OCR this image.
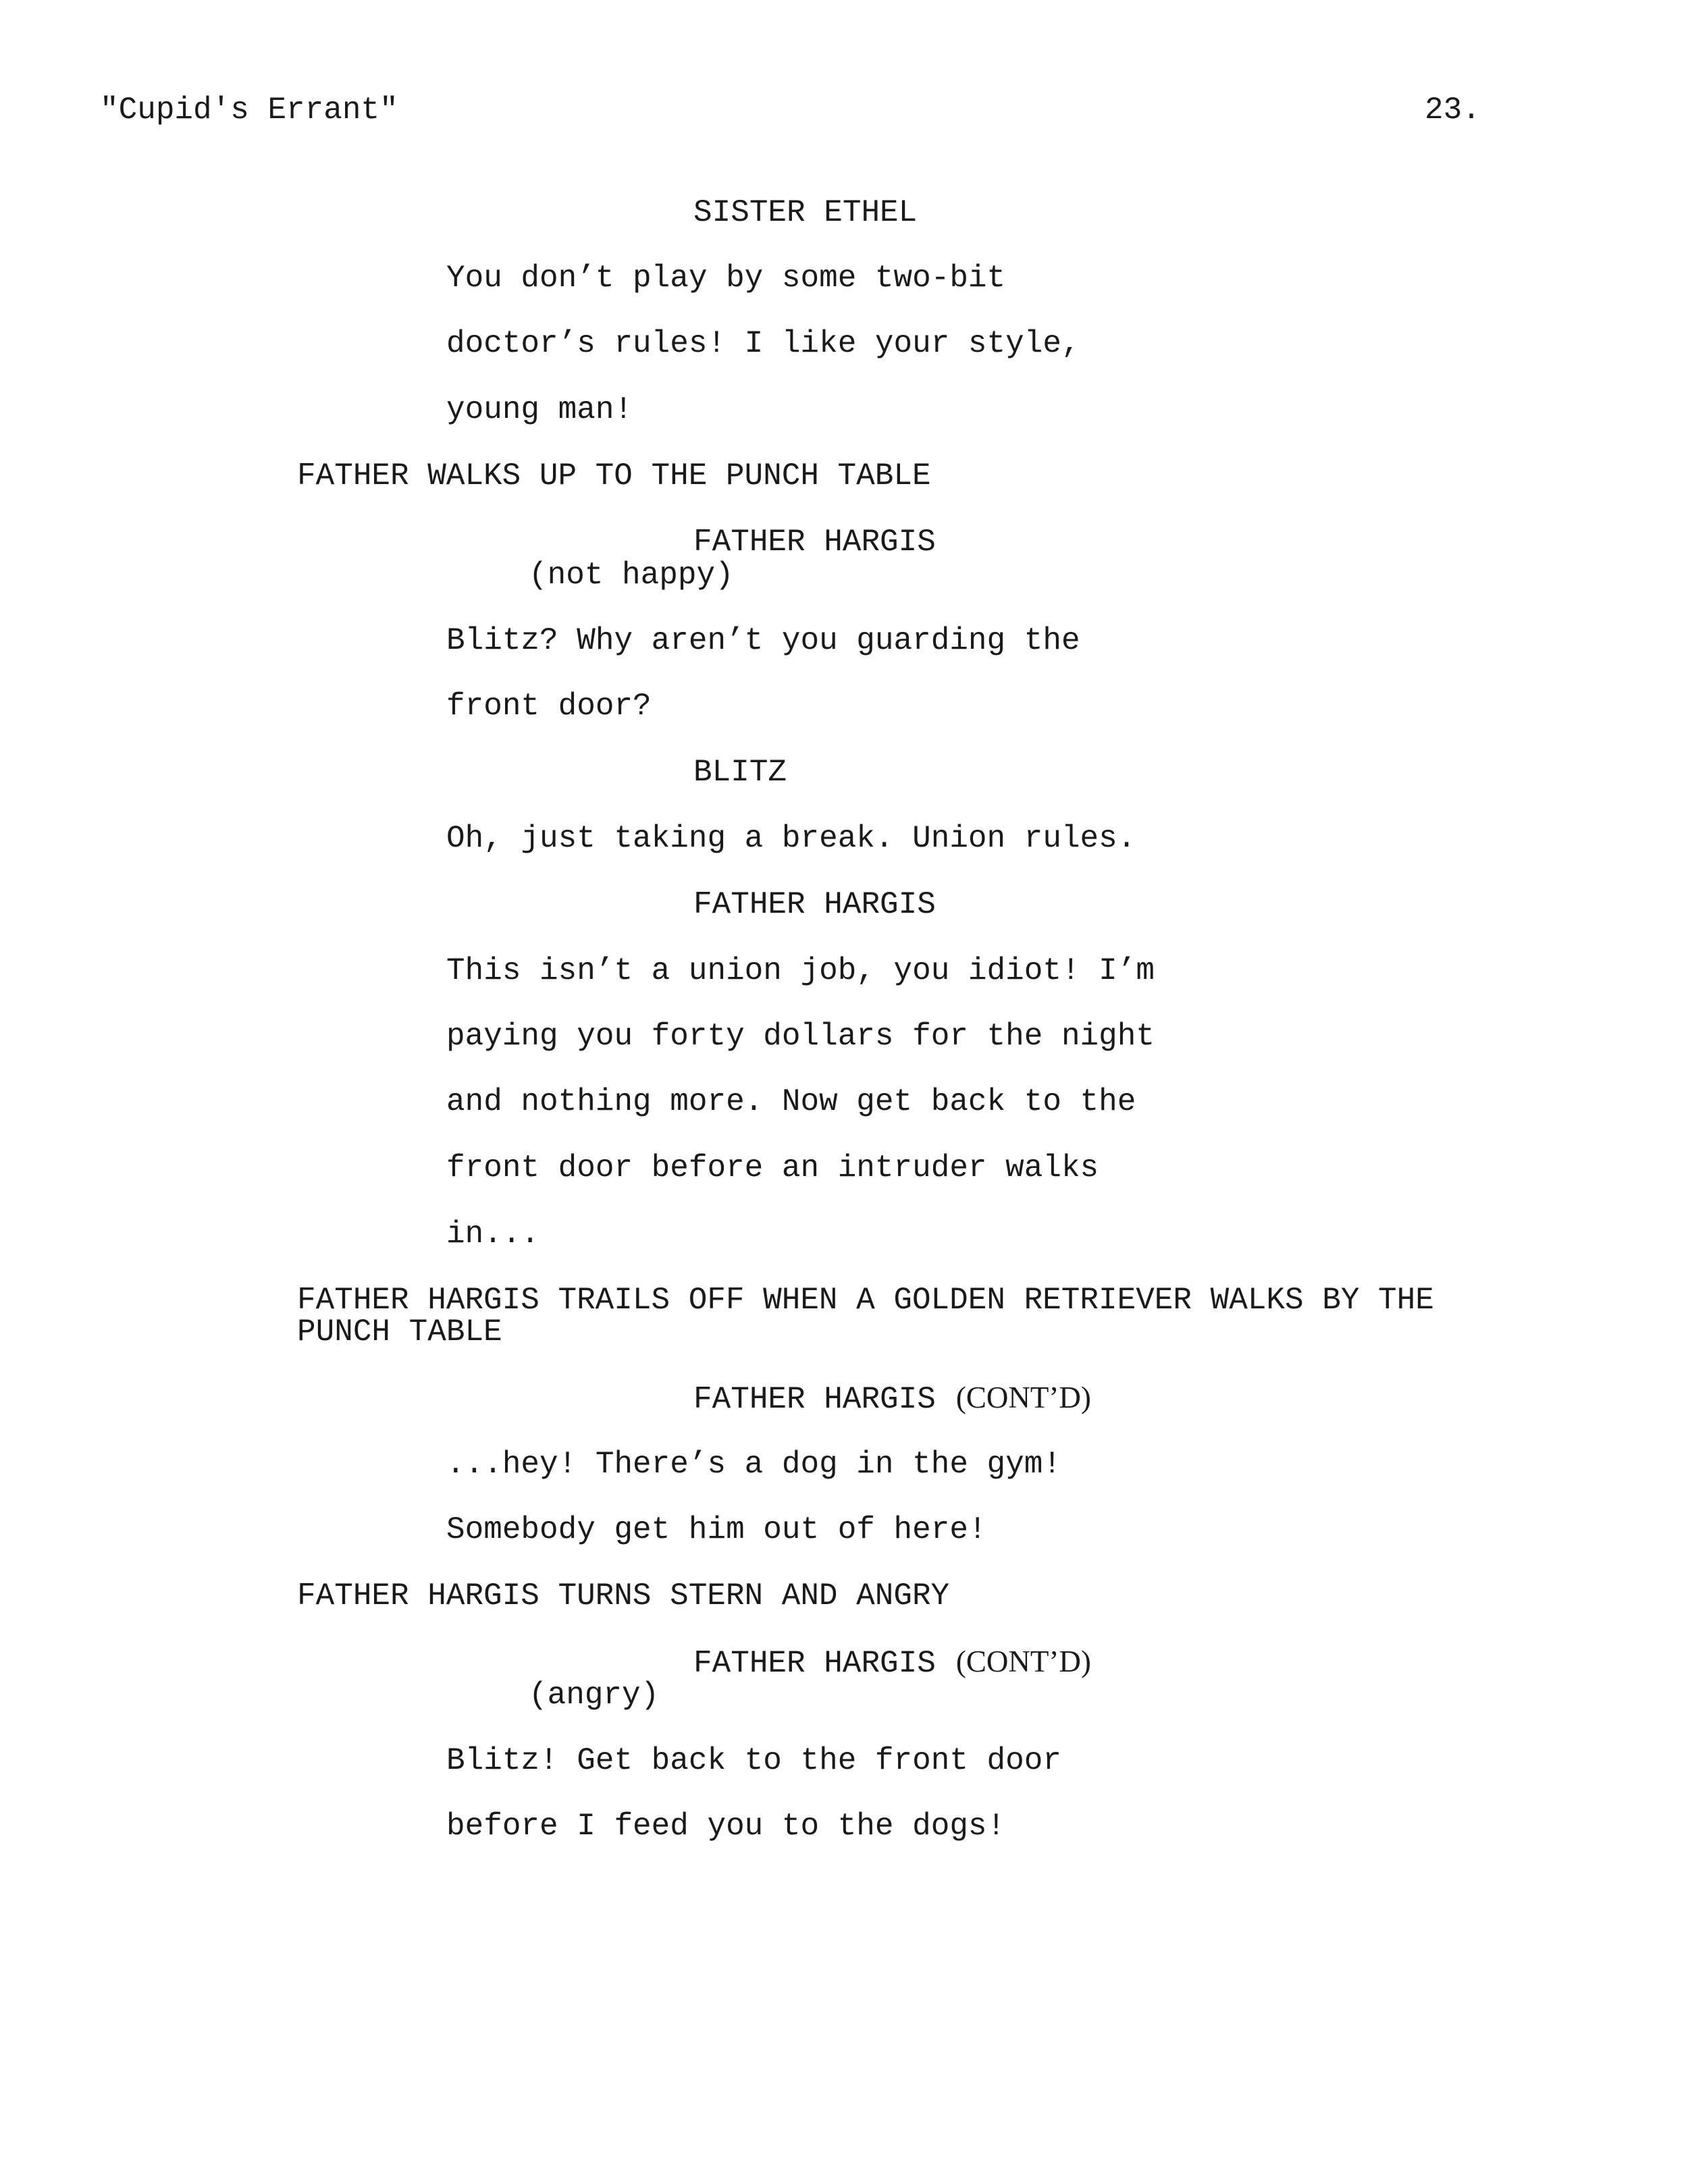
"Cupid's Errant"	23.

SISTER ETHEL

You don’t play by some two-bit

doctor’s rules! I like your style,

young man!

FATHER WALKS UP TO THE PUNCH TABLE

FATHER HARGIS

(not happy)

Blitz? Why aren’t you guarding the

front door?

BLITZ

Oh, just taking a break. Union rules.

FATHER HARGIS

This isn’t a union job, you idiot! I’m

paying you forty dollars for the night

and nothing more. Now get back to the

front door before an intruder walks

in...

FATHER HARGIS TRAILS OFF WHEN A GOLDEN RETRIEVER WALKS BY THE

PUNCH TABLE

FATHER HARGIS (CONT’D)

...hey! There’s a dog in the gym!

Somebody get him out of here!

FATHER HARGIS TURNS STERN AND ANGRY

FATHER HARGIS (CONT’D)

(angry)

Blitz! Get back to the front door

before I feed you to the dogs!
